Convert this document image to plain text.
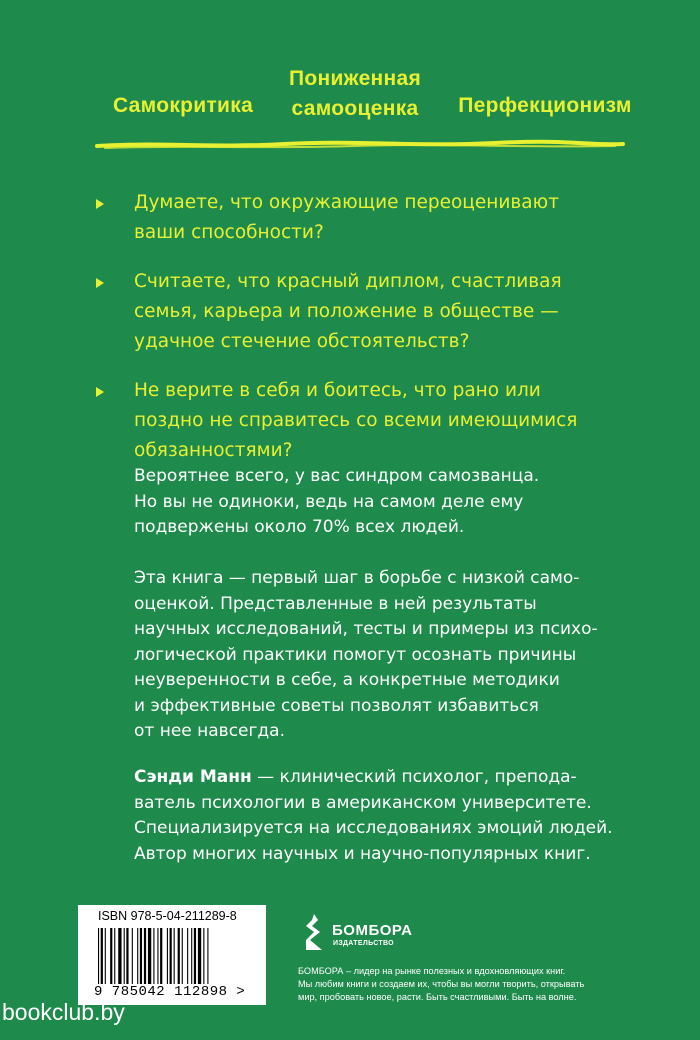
Самокритика
Пониженная
самооценка	Перфекционизм
Думаете, что окружающие переоценивают
ваши способности?
Считаете, что красный диплом, счастливая
семья, карьера и положение в обществе —
удачное стечение обстоятельств?
Не верите в себя и боитесь, что рано или
поздно не справитесь со всеми имеющимися
обязанностями?
Вероятнее всего, у вас синдром самозванца.
Но вы не одиноки, ведь на самом деле ему
подвержены около 70% всех людей.
Эта книга — первый шаг в борьбе с низкой само-
оценкой. Представленные в ней результаты
научных исследований, тесты и примеры из психо-
логической практики помогут осознать причины
неуверенности в себе, а конкретные методики
и эффективные советы позволят избавиться
от нее навсегда.
Сэнди Манн — клинический психолог, препода-
ватель психологии в американском университете.
Специализируется на исследованиях эмоций людей.
Автор многих научных и научно-популярных книг.
ISBN 978-5-04-211289-8
9 785042 112898 >
БОМБОРА
ИЗДАТЕЛЬСТВО
БОМБОРА – лидер на рынке полезных и вдохновляющих книг.
Мы любим книги и создаем их, чтобы вы могли творить, открывать
мир, пробовать новое, расти. Быть счастливыми. Быть на волне.
bookclub.by
